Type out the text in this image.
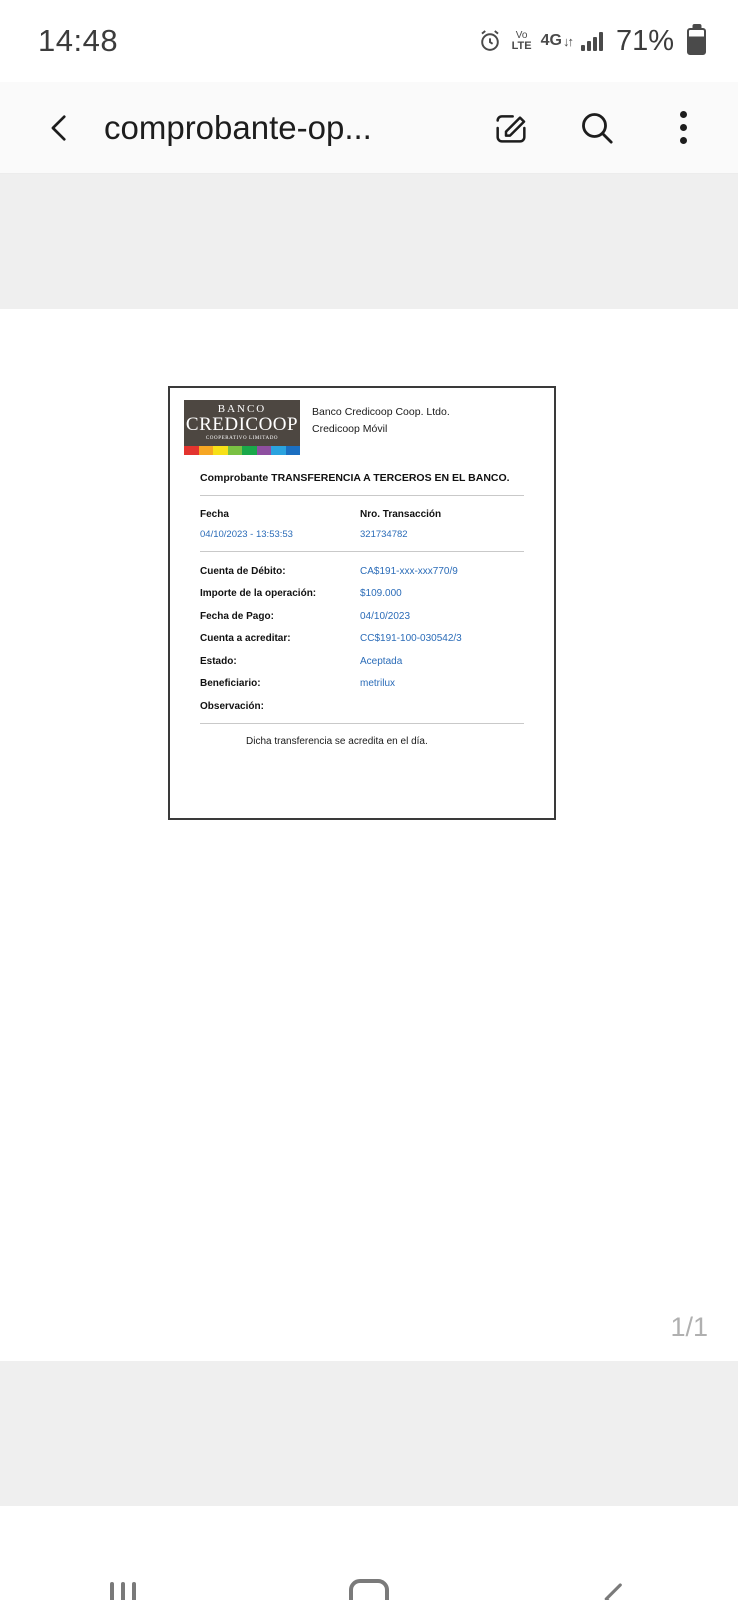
14:48	Vo
LTE 4G ↓↑ 71%
comprobante-op...
BANCO
CREDICOOP
COOPERATIVO LIMITADO
Banco Credicoop Coop. Ltdo.
Credicoop Móvil
Comprobante TRANSFERENCIA A TERCEROS EN EL BANCO.
Fecha	Nro. Transacción
04/10/2023 - 13:53:53	321734782
Cuenta de Débito:	CA$191-xxx-xxx770/9
Importe de la operación:	$109.000
Fecha de Pago:	04/10/2023
Cuenta a acreditar:	CC$191-100-030542/3
Estado:	Aceptada
Beneficiario:	metrilux
Observación:
Dicha transferencia se acredita en el día.
1/1
